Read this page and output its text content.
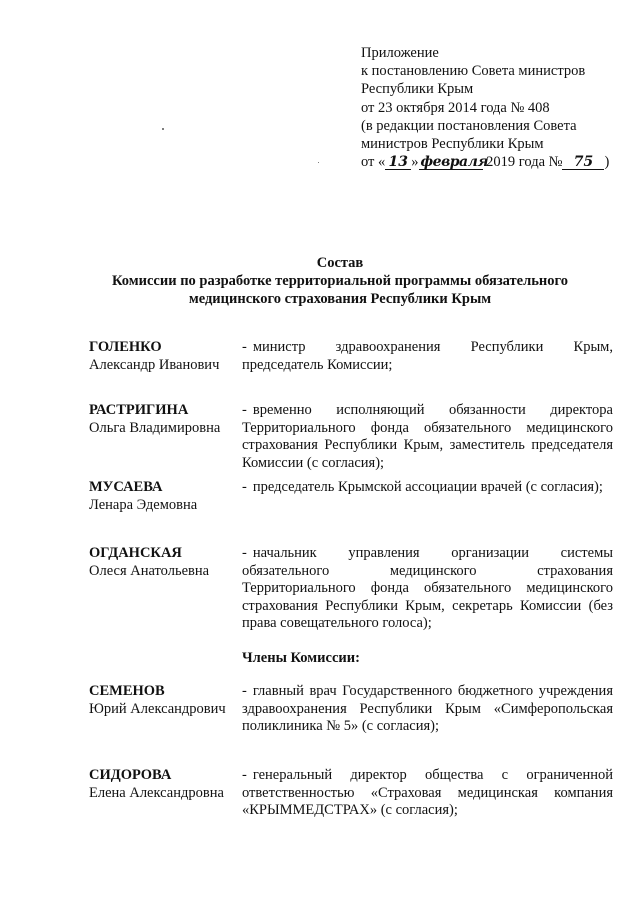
Приложение
к постановлению Совета министров
Республики Крым
от 23 октября 2014 года № 408
(в редакции постановления Совета
министров Республики Крым
от « 13 » февраля 2019 года № 75 )
Состав
Комиссии по разработке территориальной программы обязательного
медицинского страхования Республики Крым
ГОЛЕНКО
Александр Иванович
- министр здравоохранения Республики Крым, председатель Комиссии;
РАСТРИГИНА
Ольга Владимировна
- временно исполняющий обязанности директора Территориального фонда обязательного медицинского страхования Республики Крым, заместитель председателя Комиссии (с согласия);
МУСАЕВА
Ленара Эдемовна
- председатель Крымской ассоциации врачей (с согласия);
ОГДАНСКАЯ
Олеся Анатольевна
- начальник управления организации системы обязательного медицинского страхования Территориального фонда обязательного медицинского страхования Республики Крым, секретарь Комиссии (без права совещательного голоса);
Члены Комиссии:
СЕМЕНОВ
Юрий Александрович
- главный врач Государственного бюджетного учреждения здравоохранения Республики Крым «Симферопольская поликлиника № 5» (с согласия);
СИДОРОВА
Елена Александровна
- генеральный директор общества с ограниченной ответственностью «Страховая медицинская компания «КРЫММЕДСТРАХ» (с согласия);
